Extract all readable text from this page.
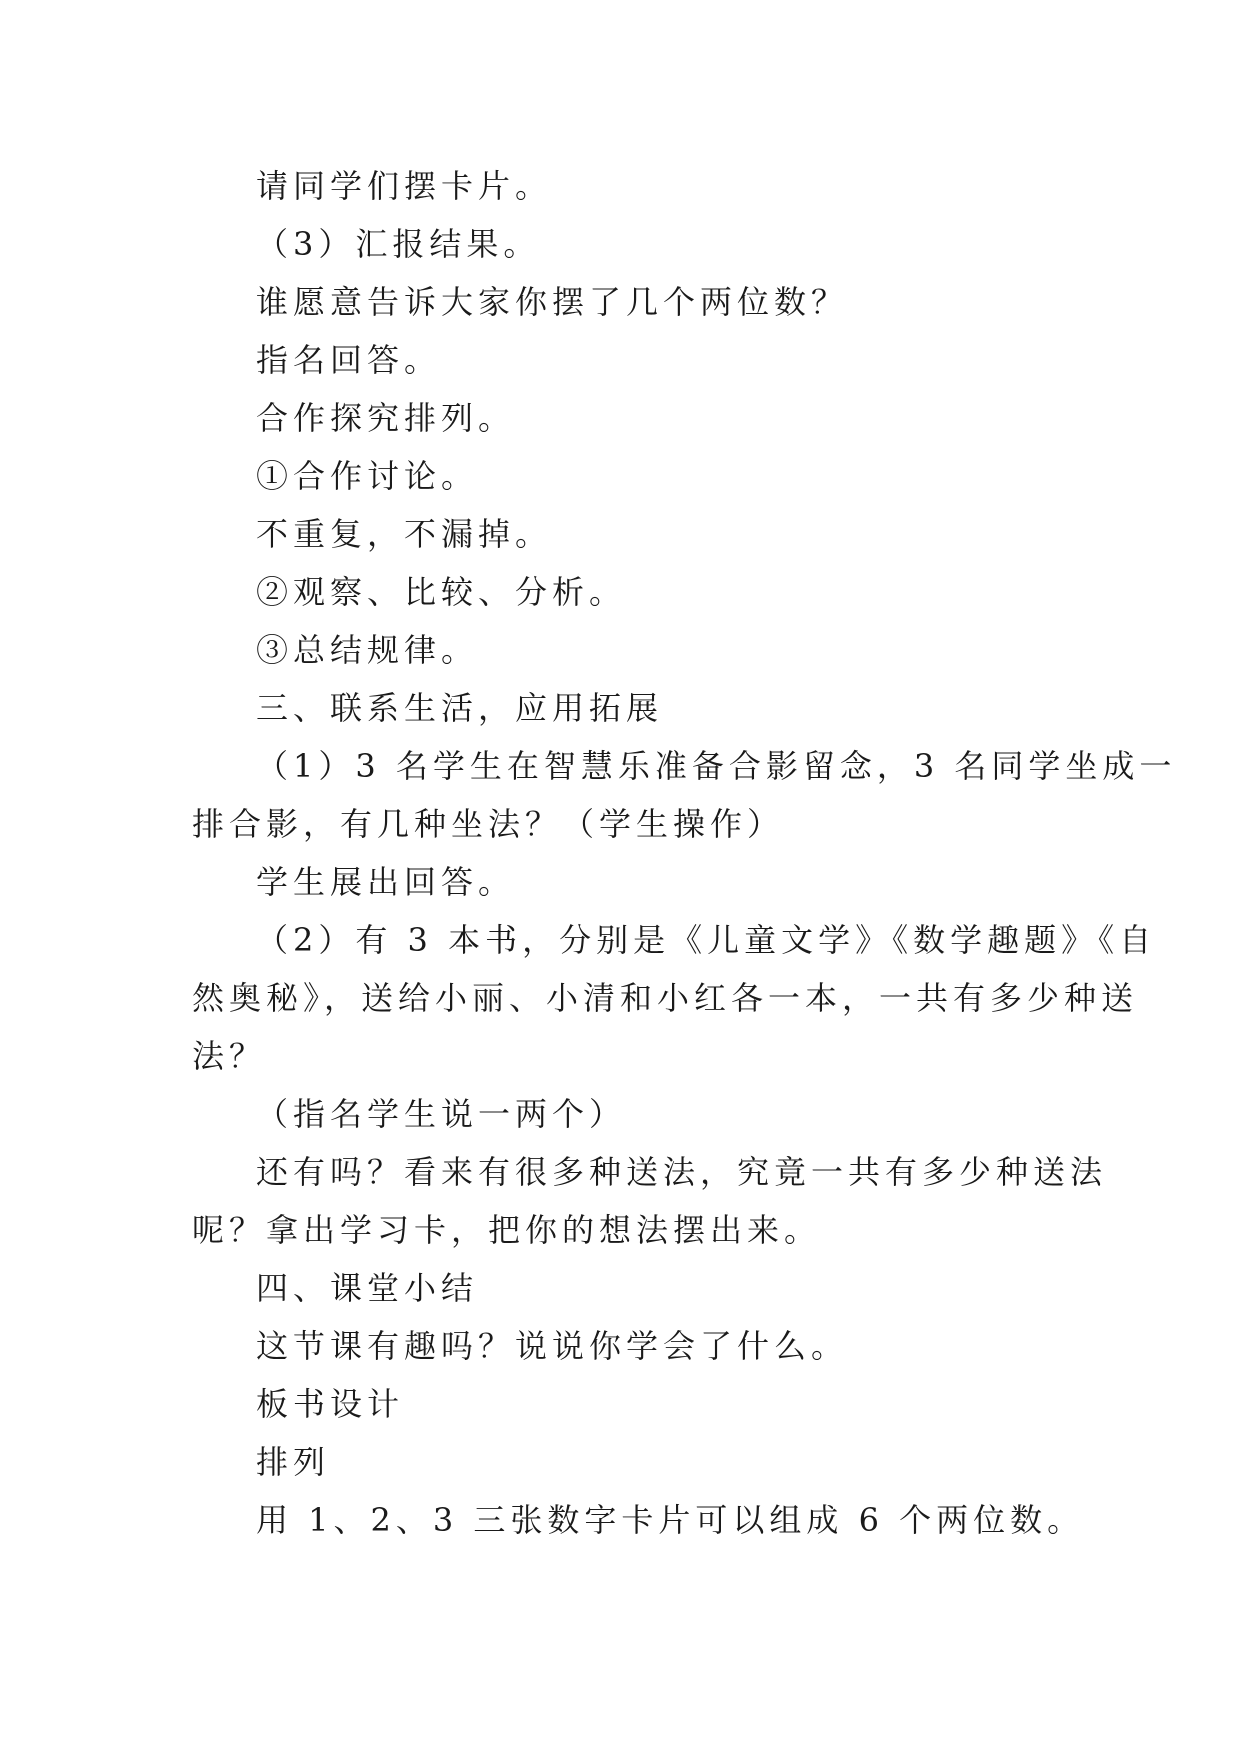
请同学们摆卡片。
（3）汇报结果。
谁愿意告诉大家你摆了几个两位数？
指名回答。
合作探究排列。
①合作讨论。
不重复，不漏掉。
②观察、比较、分析。
③总结规律。
三、联系生活，应用拓展
（1）3 名学生在智慧乐准备合影留念，3 名同学坐成一
排合影，有几种坐法？（学生操作）
学生展出回答。
（2）有 3 本书，分别是《儿童文学》《数学趣题》《自
然奥秘》，送给小丽、小清和小红各一本，一共有多少种送
法？
（指名学生说一两个）
还有吗？看来有很多种送法，究竟一共有多少种送法
呢？拿出学习卡，把你的想法摆出来。
四、课堂小结
这节课有趣吗？说说你学会了什么。
板书设计
排列
用 1、2、3 三张数字卡片可以组成 6 个两位数。
